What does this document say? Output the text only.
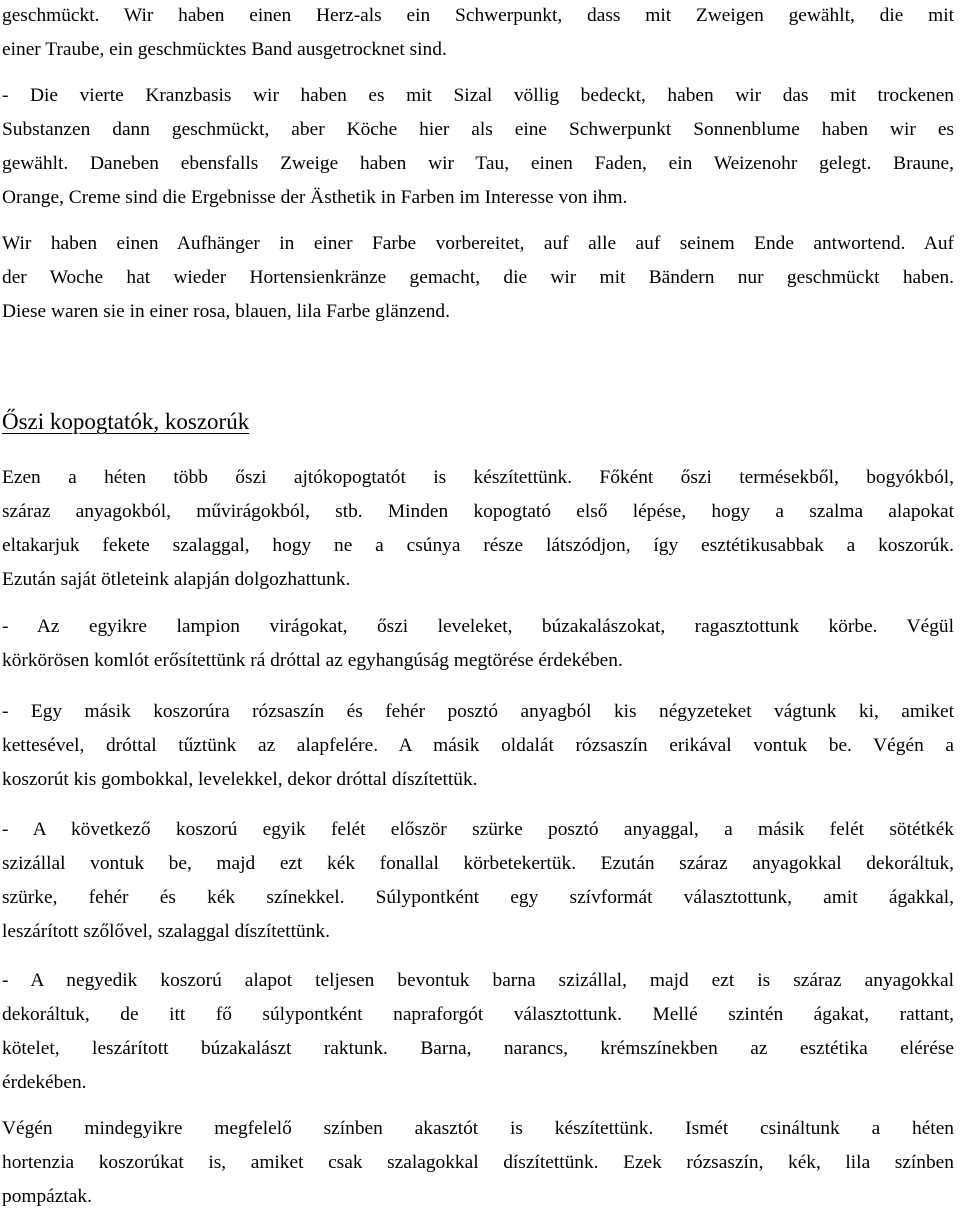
geschmückt. Wir haben einen Herz-als ein Schwerpunkt, dass mit Zweigen gewählt, die mit
einer Traube, ein geschmücktes Band ausgetrocknet sind.
- Die vierte Kranzbasis wir haben es mit Sizal völlig bedeckt, haben wir das mit trockenen
Substanzen dann geschmückt, aber Köche hier als eine Schwerpunkt Sonnenblume haben wir es
gewählt. Daneben ebensfalls Zweige haben wir Tau, einen Faden, ein Weizenohr gelegt. Braune,
Orange, Creme sind die Ergebnisse der Ästhetik in Farben im Interesse von ihm.
Wir haben einen Aufhänger in einer Farbe vorbereitet, auf alle auf seinem Ende antwortend. Auf
der Woche hat wieder Hortensienkränze gemacht, die wir mit Bändern nur geschmückt haben.
Diese waren sie in einer rosa, blauen, lila Farbe glänzend.
Őszi kopogtatók, koszorúk
Ezen a héten több őszi ajtókopogtatót is készítettünk. Főként őszi termésekből, bogyókból,
száraz anyagokból, művirágokból, stb. Minden kopogtató első lépése, hogy a szalma alapokat
eltakarjuk fekete szalaggal, hogy ne a csúnya része látszódjon, így esztétikusabbak a koszorúk.
Ezután saját ötleteink alapján dolgozhattunk.
- Az egyikre lampion virágokat, őszi leveleket, búzakalászokat, ragasztottunk körbe. Végül
körkörösen komlót erősítettünk rá dróttal az egyhangúság megtörése érdekében.
- Egy másik koszorúra rózsaszín és fehér posztó anyagból kis négyzeteket vágtunk ki, amiket
kettesével, dróttal tűztünk az alapfelére. A másik oldalát rózsaszín erikával vontuk be. Végén a
koszorút kis gombokkal, levelekkel, dekor dróttal díszítettük.
- A következő koszorú egyik felét először szürke posztó anyaggal, a másik felét sötétkék
szizállal vontuk be, majd ezt kék fonallal körbetekertük. Ezután száraz anyagokkal dekoráltuk,
szürke, fehér és kék színekkel. Súlypontként egy szívformát választottunk, amit ágakkal,
leszárított szőlővel, szalaggal díszítettünk.
- A negyedik koszorú alapot teljesen bevontuk barna szizállal, majd ezt is száraz anyagokkal
dekoráltuk, de itt fő súlypontként napraforgót választottunk. Mellé szintén ágakat, rattant,
kötelet, leszárított búzakalászt raktunk. Barna, narancs, krémszínekben az esztétika elérése
érdekében.
Végén mindegyikre megfelelő színben akasztót is készítettünk. Ismét csináltunk a héten
hortenzia koszorúkat is, amiket csak szalagokkal díszítettünk. Ezek rózsaszín, kék, lila színben
pompáztak.
